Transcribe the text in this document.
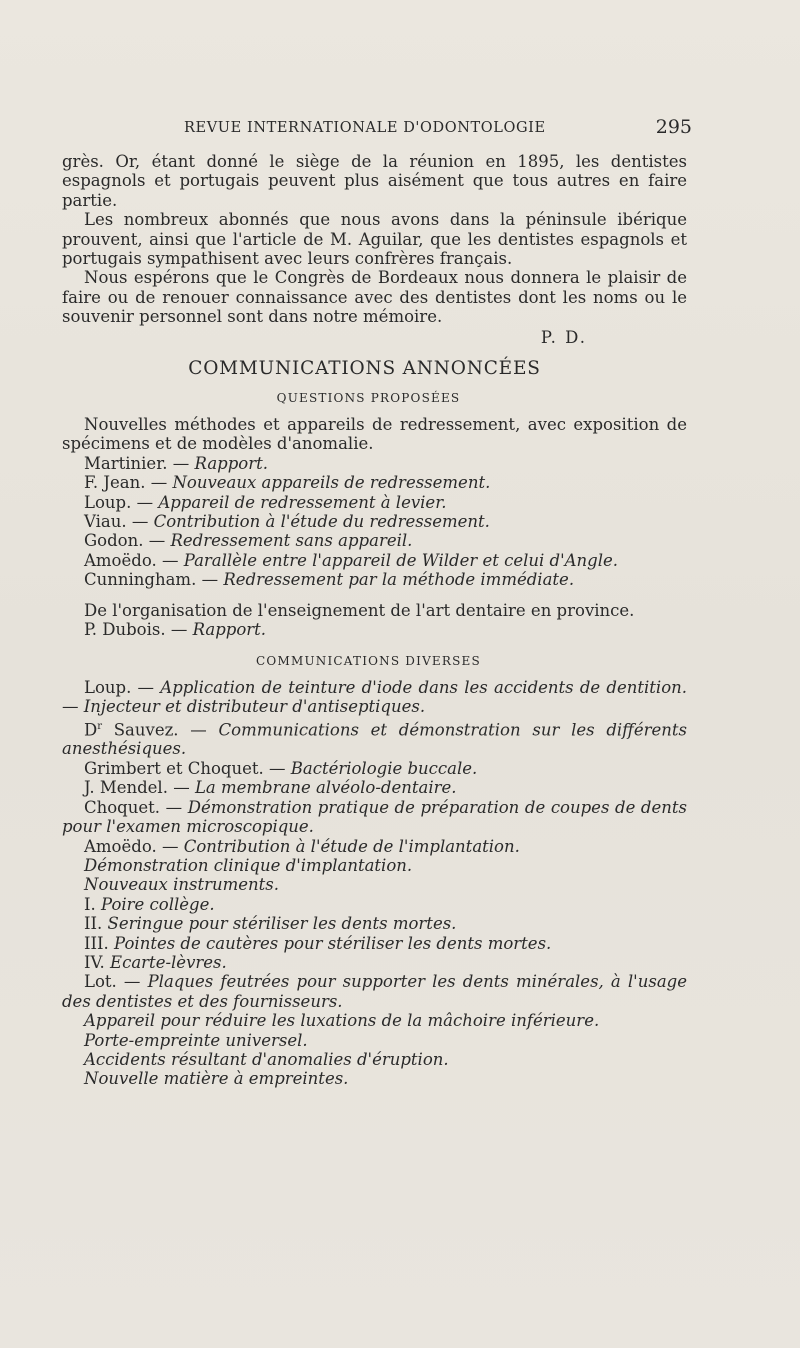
REVUE INTERNATIONALE D'ODONTOLOGIE	295

grès. Or, étant donné le siège de la réunion en 1895, les dentistes espagnols et portugais peuvent plus aisément que tous autres en faire partie.

Les nombreux abonnés que nous avons dans la péninsule ibérique prouvent, ainsi que l'article de M. Aguilar, que les dentistes espagnols et portugais sympathisent avec leurs confrères français.

Nous espérons que le Congrès de Bordeaux nous donnera le plaisir de faire ou de renouer connaissance avec des dentistes dont les noms ou le souvenir personnel sont dans notre mémoire.

P. D.

COMMUNICATIONS ANNONCÉES
QUESTIONS PROPOSÉES

Nouvelles méthodes et appareils de redressement, avec exposition de spécimens et de modèles d'anomalie.

Martinier. — Rapport.

F. Jean. — Nouveaux appareils de redressement.

Loup. — Appareil de redressement à levier.

Viau. — Contribution à l'étude du redressement.

Godon. — Redressement sans appareil.

Amoëdo. — Parallèle entre l'appareil de Wilder et celui d'Angle.

Cunningham. — Redressement par la méthode immédiate.

De l'organisation de l'enseignement de l'art dentaire en province.

P. Dubois. — Rapport.

COMMUNICATIONS DIVERSES

Loup. — Application de teinture d'iode dans les accidents de dentition. — Injecteur et distributeur d'antiseptiques.

$D^r$ Sauvez. — Communications et démonstration sur les différents anesthésiques.

Grimbert et Choquet. — Bactériologie buccale.

J. Mendel. — La membrane alvéolo-dentaire.

Choquet. — Démonstration pratique de préparation de coupes de dents pour l'examen microscopique.

Amoëdo. — Contribution à l'étude de l'implantation.

Démonstration clinique d'implantation.

Nouveaux instruments.

I. Poire collège.

II. Seringue pour stériliser les dents mortes.

III. Pointes de cautères pour stériliser les dents mortes.

IV. Ecarte-lèvres.

Lot. — Plaques feutrées pour supporter les dents minérales, à l'usage des dentistes et des fournisseurs.

Appareil pour réduire les luxations de la mâchoire inférieure.

Porte-empreinte universel.

Accidents résultant d'anomalies d'éruption.

Nouvelle matière à empreintes.
